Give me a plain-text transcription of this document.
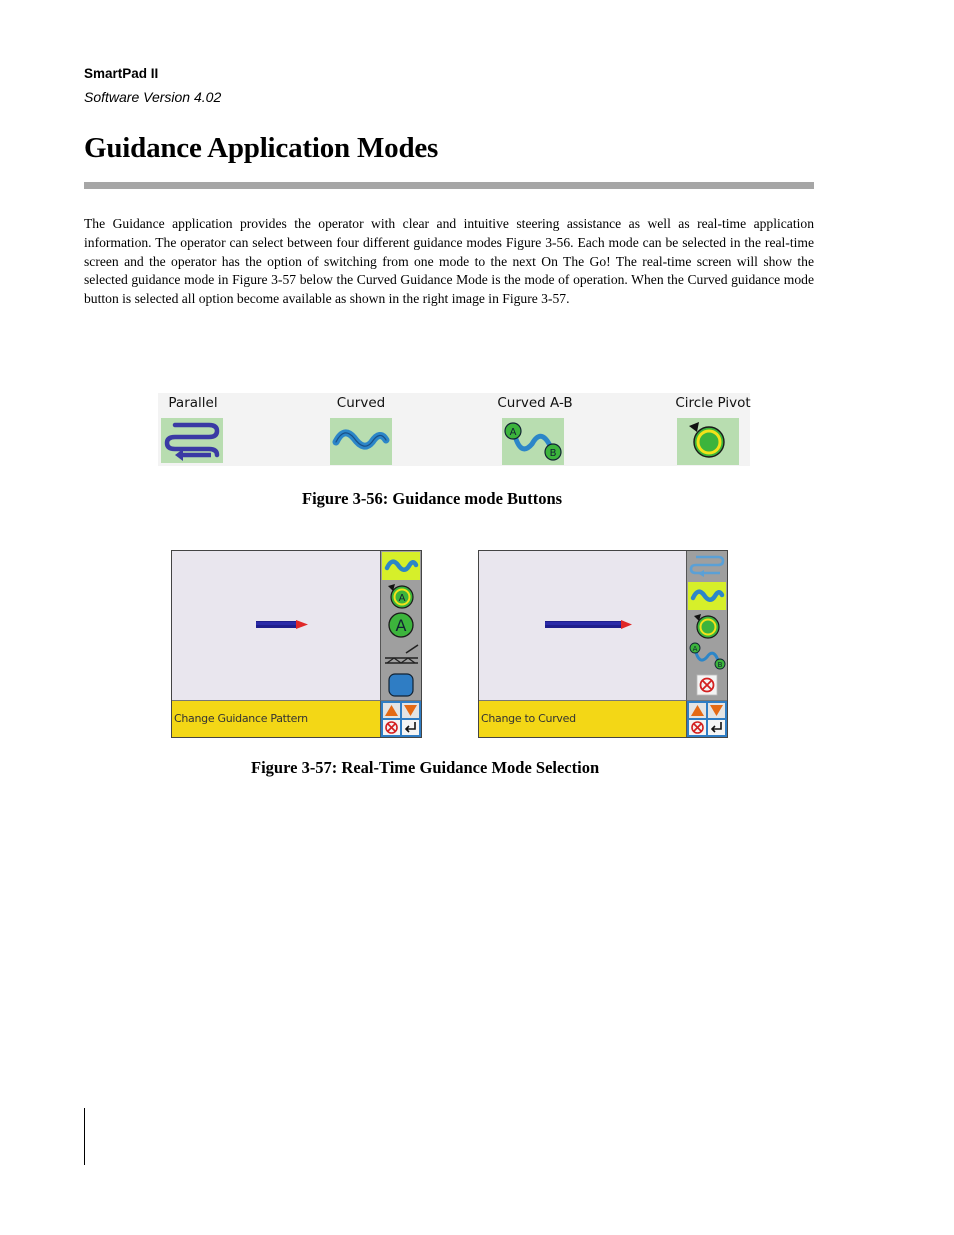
SmartPad II
Software Version 4.02
Guidance Application Modes
The Guidance application provides the operator with clear and intuitive steering assistance as well as real-time application information. The operator can select between four different guidance modes Figure 3-56. Each mode can be selected in the real-time screen and the operator has the option of switching from one mode to the next On The Go! The real-time screen will show the selected guidance mode in Figure 3-57 below the Curved Guidance Mode is the mode of operation. When the Curved guidance mode button is selected all option become available as shown in the right image in Figure 3-57.
Parallel	Curved	Curved A-B
A
B
Circle Pivot
Figure 3-56: Guidance mode Buttons
A
A
Change Guidance Pattern
A
B
Change to Curved
Figure 3-57: Real-Time Guidance Mode Selection
